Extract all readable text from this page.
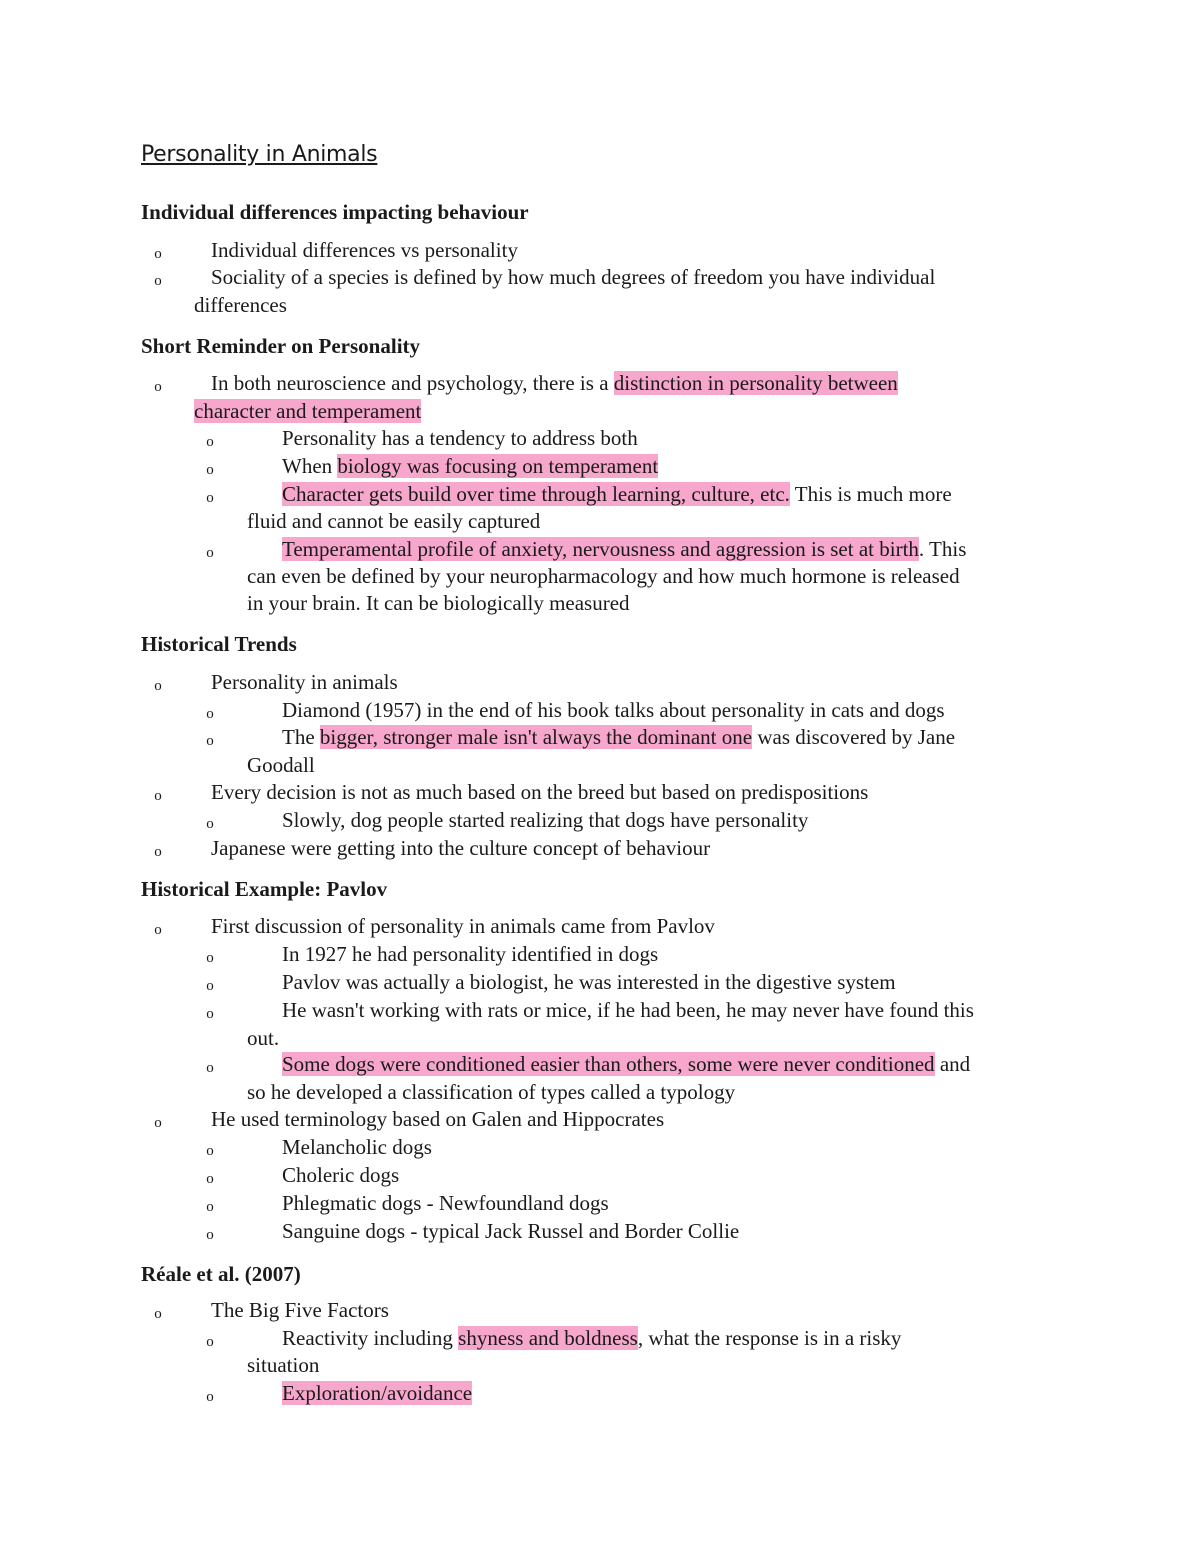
Personality in Animals
Individual differences impacting behaviour
o Individual differences vs personality
o Sociality of a species is defined by how much degrees of freedom you have individual
differences
Short Reminder on Personality
o In both neuroscience and psychology, there is a distinction in personality between
character and temperament
o	Personality has a tendency to address both
o	When biology was focusing on temperament
o	Character gets build over time through learning, culture, etc. This is much more
fluid and cannot be easily captured
o	Temperamental profile of anxiety, nervousness and aggression is set at birth. This
can even be defined by your neuropharmacology and how much hormone is released
in your brain. It can be biologically measured
Historical Trends
o Personality in animals
o	Diamond (1957) in the end of his book talks about personality in cats and dogs
o	The bigger, stronger male isn't always the dominant one was discovered by Jane
Goodall
o Every decision is not as much based on the breed but based on predispositions
o	Slowly, dog people started realizing that dogs have personality
o Japanese were getting into the culture concept of behaviour
Historical Example: Pavlov
o First discussion of personality in animals came from Pavlov
o	In 1927 he had personality identified in dogs
o	Pavlov was actually a biologist, he was interested in the digestive system
o	He wasn't working with rats or mice, if he had been, he may never have found this
out.
o	Some dogs were conditioned easier than others, some were never conditioned and
so he developed a classification of types called a typology
o He used terminology based on Galen and Hippocrates
o	Melancholic dogs
o	Choleric dogs
o	Phlegmatic dogs - Newfoundland dogs
o	Sanguine dogs - typical Jack Russel and Border Collie
Réale et al. (2007)
o The Big Five Factors
o	Reactivity including shyness and boldness, what the response is in a risky
situation
o	Exploration/avoidance
